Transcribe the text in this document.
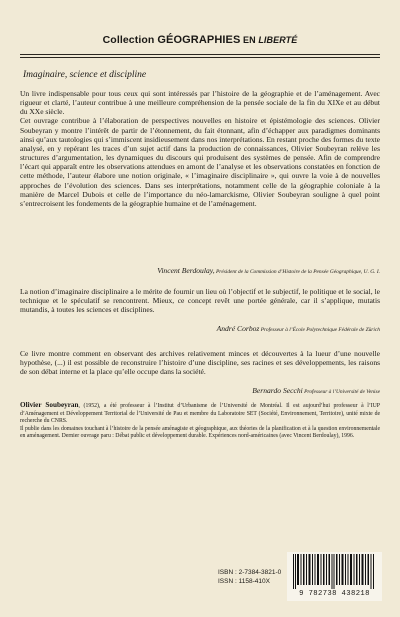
Collection GÉOGRAPHIES EN LIBERTÉ
Imaginaire, science et discipline

Un livre indispensable pour tous ceux qui sont intéressés par l’histoire de la géographie et de l’aménagement. Avec rigueur et clarté, l’auteur contribue à une meilleure compréhension de la pensée sociale de la fin du XIXe et au début du XXe siècle.

Cet ouvrage contribue à l’élaboration de perspectives nouvelles en histoire et épistémologie des sciences. Olivier Soubeyran y montre l’intérêt de partir de l’étonnement, du fait étonnant, afin d’échapper aux paradigmes dominants ainsi qu’aux tautologies qui s’immiscent insidieusement dans nos interprétations. En restant proche des formes du texte analysé, en y repérant les traces d’un sujet actif dans la production de connaissances, Olivier Soubeyran relève les structures d’argumentation, les dynamiques du discours qui produisent des systèmes de pensée. Afin de comprendre l’écart qui apparaît entre les observations attendues en amont de l’analyse et les observations constatées en fonction de cette méthode, l’auteur élabore une notion originale, « l’imaginaire disciplinaire », qui ouvre la voie à de nouvelles approches de l’évolution des sciences. Dans ses interprétations, notamment celle de la géographie coloniale à la manière de Marcel Dubois et celle de l’importance du néo-lamarckisme, Olivier Soubeyran souligne à quel point s’entrecroisent les fondements de la géographie humaine et de l’aménagement.

Vincent Berdoulay, Président de la Commission d’Histoire de la Pensée Géographique, U. G. I.

La notion d’imaginaire disciplinaire a le mérite de fournir un lieu où l’objectif et le subjectif, le politique et le social, le technique et le spéculatif se rencontrent. Mieux, ce concept revêt une portée générale, car il s’applique, mutatis mutandis, à toutes les sciences et disciplines.

André Corboz Professeur à l’École Polytechnique Fédérale de Zürich

Ce livre montre comment en observant des archives relativement minces et découvertes à la lueur d’une nouvelle hypothèse, (...) il est possible de reconstruire l’histoire d’une discipline, ses racines et ses développements, les raisons de son débat interne et la place qu’elle occupe dans la société.

Bernardo Secchi Professeur à l’Université de Venise

Olivier Soubeyran, (1952), a été professeur à l’Institut d’Urbanisme de l’Université de Montréal. Il est aujourd’hui professeur à l’IUP d’Aménagement et Développement Territorial de l’Université de Pau et membre du Laboratoire SET (Société, Environnement, Territoire), unité mixte de recherche du CNRS.

Il publie dans les domaines touchant à l’histoire de la pensée aménagiste et géographique, aux théories de la planification et à la question environnementale en aménagement. Dernier ouvrage paru : Débat public et développement durable. Expériences nord-américaines (avec Vincent Berdoulay), 1996.

ISBN : 2-7384-3821-0
ISSN : 1158-410X
9 782738 438218
